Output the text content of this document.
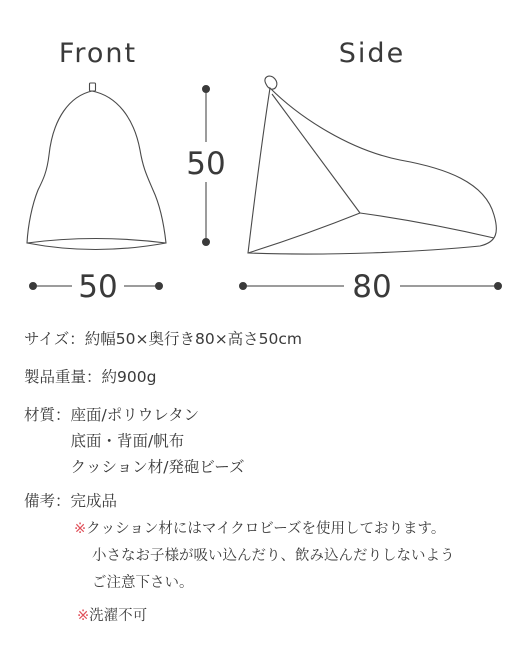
Front	Side
50
50	80
サイズ： 約幅50×奥行き80×高さ50cm
製品重量： 約900g
材質： 座面/ポリウレタン
底面・背面/帆布
クッション材/発砲ビーズ
備考： 完成品
※クッション材にはマイクロビーズを使用しております。
小さなお子様が吸い込んだり、飲み込んだりしないよう
ご注意下さい。
※洗濯不可
